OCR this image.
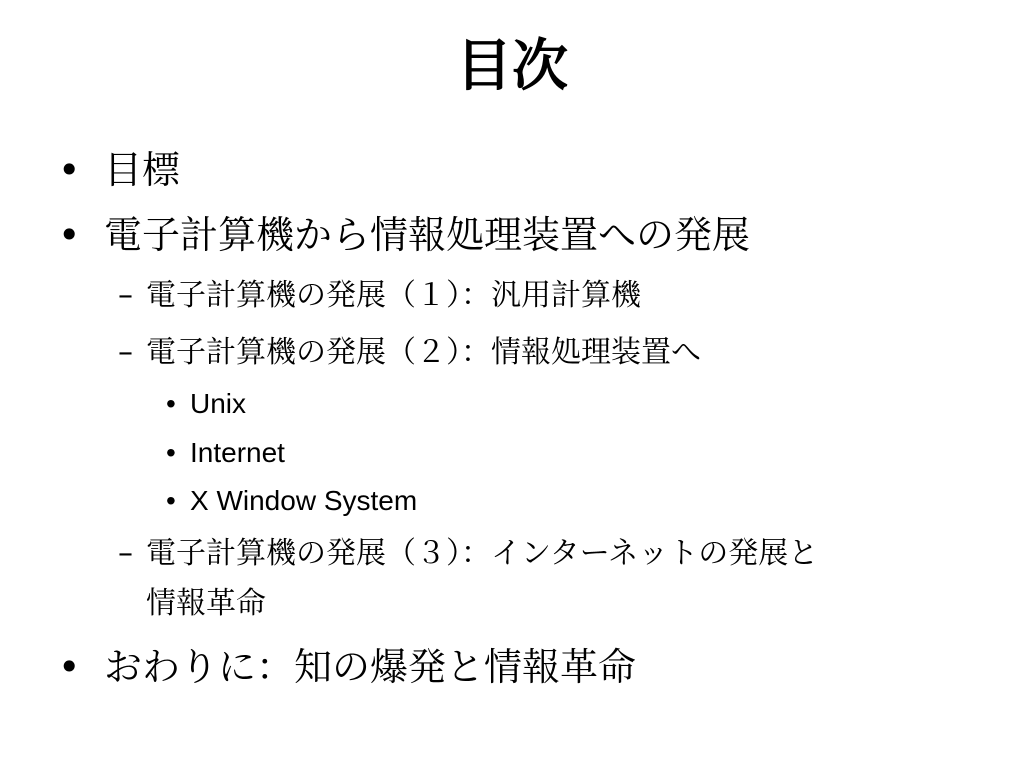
目次
• 目標
• 電子計算機から情報処理装置への発展
– 電子計算機の発展（１）：汎用計算機
– 電子計算機の発展（２）：情報処理装置へ
• Unix
• Internet
• X Window System
– 電子計算機の発展（３）：インターネットの発展と
情報革命
• おわりに：知の爆発と情報革命
